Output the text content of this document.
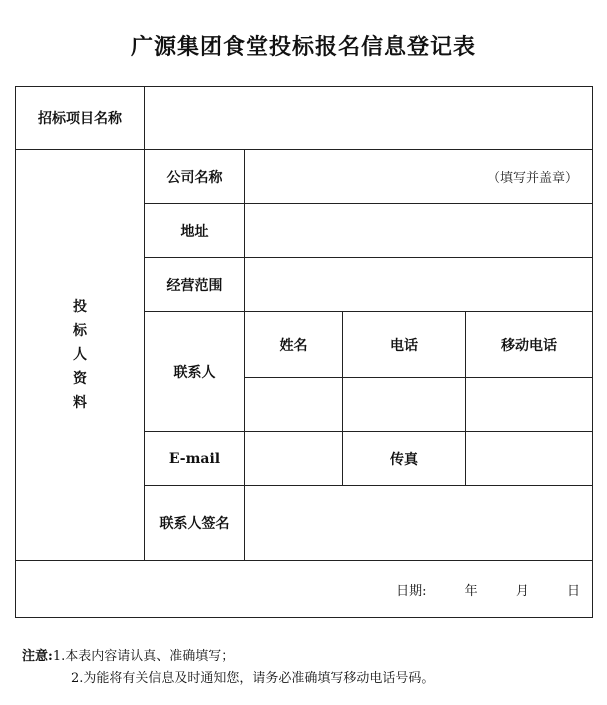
广源集团食堂投标报名信息登记表
招标项目名称				

投
标
人
资
料	公司名称	（填写并盖章）		
	地址			
	经营范围			
	联系人	姓名	电话	移动电话

	E-mail		传真	
	联系人签名			
日期: 年 月 日				
注意:1.本表内容请认真、准确填写；
2.为能将有关信息及时通知您，请务必准确填写移动电话号码。
